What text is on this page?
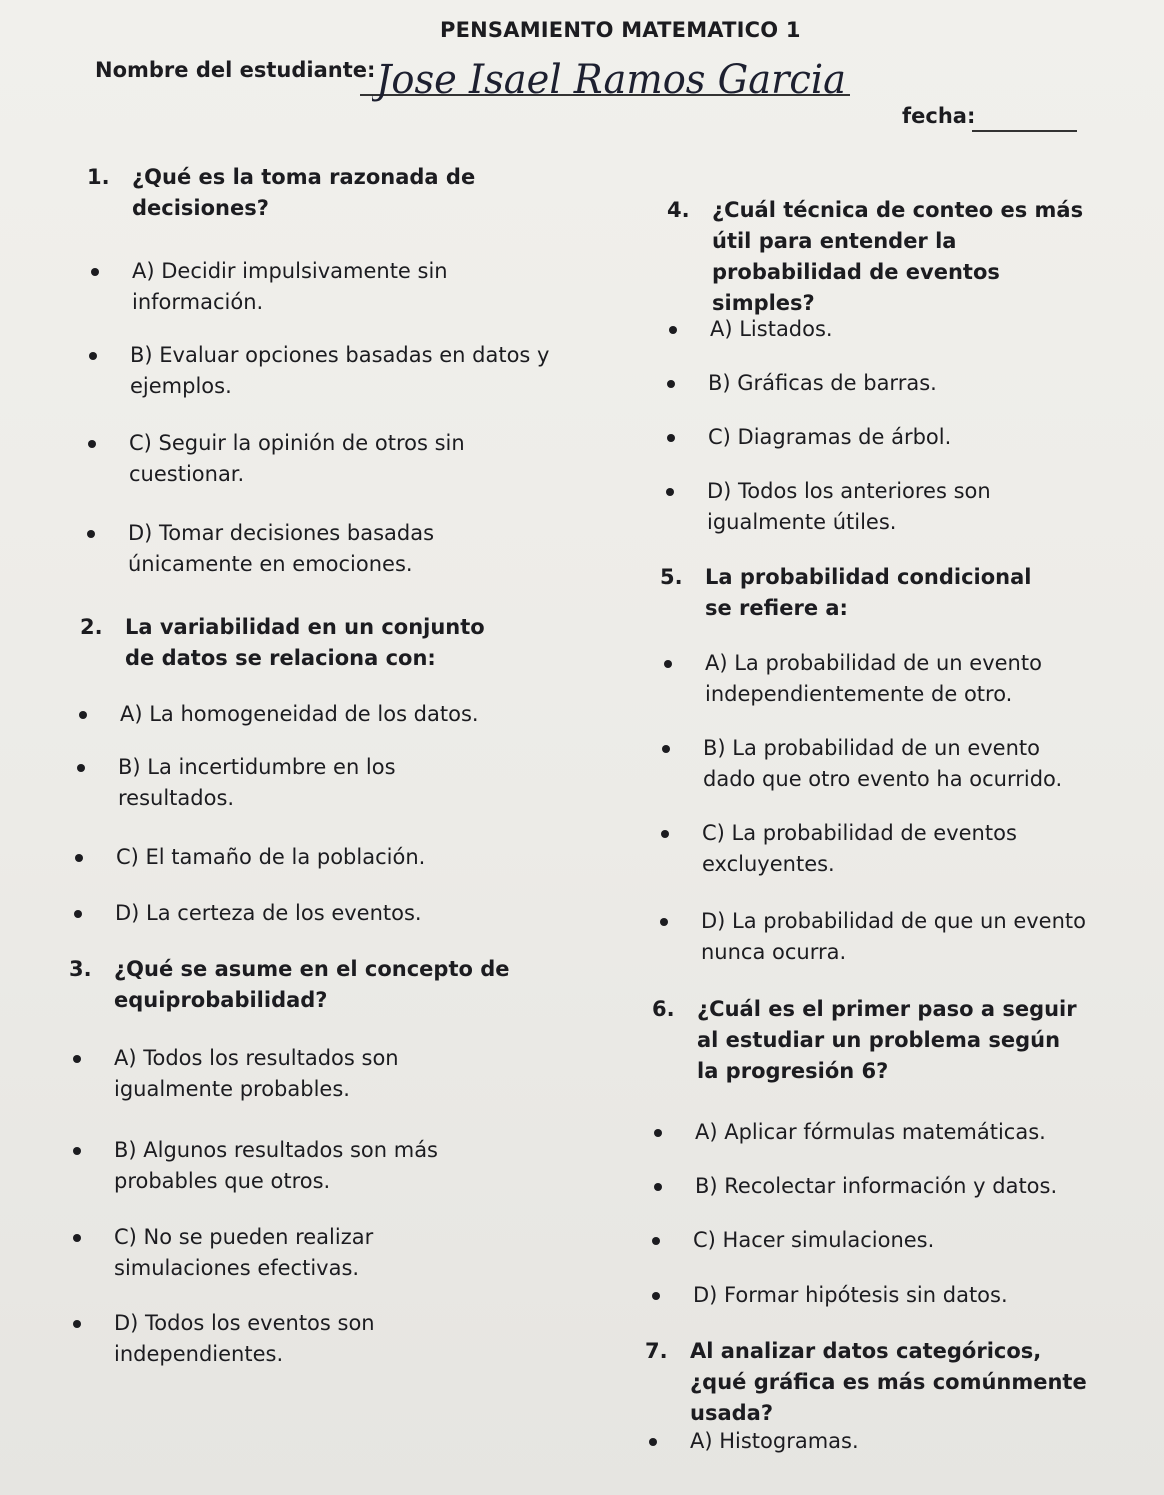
PENSAMIENTO MATEMATICO 1
Nombre del estudiante:
Jose Isael Ramos Garcia
fecha:
1. ¿Qué es la toma razonada de decisiones?
A) Decidir impulsivamente sin información.
B) Evaluar opciones basadas en datos y ejemplos.
C) Seguir la opinión de otros sin cuestionar.
D) Tomar decisiones basadas únicamente en emociones.
2. La variabilidad en un conjunto de datos se relaciona con:
A) La homogeneidad de los datos.
B) La incertidumbre en los resultados.
C) El tamaño de la población.
D) La certeza de los eventos.
3. ¿Qué se asume en el concepto de equiprobabilidad?
A) Todos los resultados son igualmente probables.
B) Algunos resultados son más probables que otros.
C) No se pueden realizar simulaciones efectivas.
D) Todos los eventos son independientes.
4. ¿Cuál técnica de conteo es más útil para entender la probabilidad de eventos simples?
A) Listados.
B) Gráficas de barras.
C) Diagramas de árbol.
D) Todos los anteriores son igualmente útiles.
5. La probabilidad condicional se refiere a:
A) La probabilidad de un evento independientemente de otro.
B) La probabilidad de un evento dado que otro evento ha ocurrido.
C) La probabilidad de eventos excluyentes.
D) La probabilidad de que un evento nunca ocurra.
6. ¿Cuál es el primer paso a seguir al estudiar un problema según la progresión 6?
A) Aplicar fórmulas matemáticas.
B) Recolectar información y datos.
C) Hacer simulaciones.
D) Formar hipótesis sin datos.
7. Al analizar datos categóricos, ¿qué gráfica es más comúnmente usada?
A) Histogramas.
